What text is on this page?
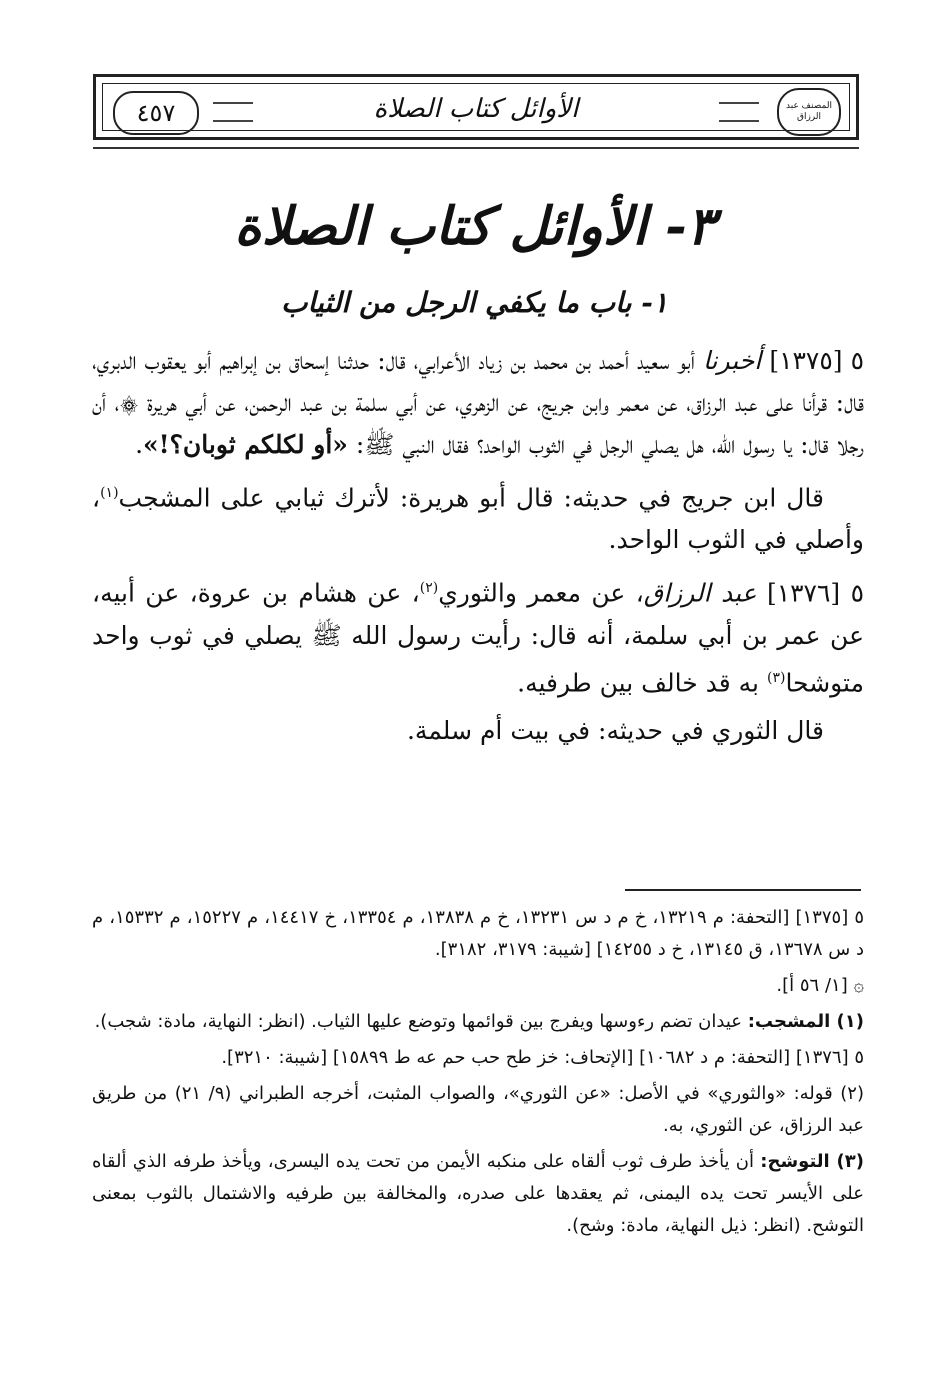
المصنف عبد الرزاق
الأوائل كتاب الصلاة
٤٥٧
٣- الأوائل كتاب الصلاة
١- باب ما يكفي الرجل من الثياب

٥ [١٣٧٥] أخبرنا أبو سعيد أحمد بن محمد بن زياد الأعرابي، قال: حدثنا إسحاق بن إبراهيم أبو يعقوب الدبري، قال: قرأنا على عبد الرزاق، عن معمر وابن جريج، عن الزهري، عن أبي سلمة بن عبد الرحمن، عن أبي هريرة ۞، أن رجلا قال: يا رسول الله، هل يصلي الرجل في الثوب الواحد؟ فقال النبي ﷺ: «أو لكلكم ثوبان؟!».

قال ابن جريج في حديثه: قال أبو هريرة: لأترك ثيابي على المشجب$^{(١)}$، وأصلي في الثوب الواحد.

٥ [١٣٧٦] عبد الرزاق، عن معمر والثوري$^{(٢)}$، عن هشام بن عروة، عن أبيه، عن عمر بن أبي سلمة، أنه قال: رأيت رسول الله ﷺ يصلي في ثوب واحد متوشحا$^{(٣)}$ به قد خالف بين طرفيه.

قال الثوري في حديثه: في بيت أم سلمة.

٥ [١٣٧٥] [التحفة: م ١٣٢١٩، خ م د س ١٣٢٣١، خ م ١٣٨٣٨، م ١٣٣٥٤، خ ١٤٤١٧، م ١٥٢٢٧، م ١٥٣٣٢، م د س ١٣٦٧٨، ق ١٣١٤٥، خ د ١٤٢٥٥] [شيبة: ٣١٧٩، ٣١٨٢].

۞ [١/ ٥٦ أ].

(١) المشجب: عيدان تضم رءوسها ويفرج بين قوائمها وتوضع عليها الثياب. (انظر: النهاية، مادة: شجب).

٥ [١٣٧٦] [التحفة: م د ١٠٦٨٢] [الإتحاف: خز طح حب حم عه ط ١٥٨٩٩] [شيبة: ٣٢١٠].

(٢) قوله: «والثوري» في الأصل: «عن الثوري»، والصواب المثبت، أخرجه الطبراني (٩/ ٢١) من طريق عبد الرزاق، عن الثوري، به.

(٣) التوشح: أن يأخذ طرف ثوب ألقاه على منكبه الأيمن من تحت يده اليسرى، ويأخذ طرفه الذي ألقاه على الأيسر تحت يده اليمنى، ثم يعقدها على صدره، والمخالفة بين طرفيه والاشتمال بالثوب بمعنى التوشح. (انظر: ذيل النهاية، مادة: وشح).
